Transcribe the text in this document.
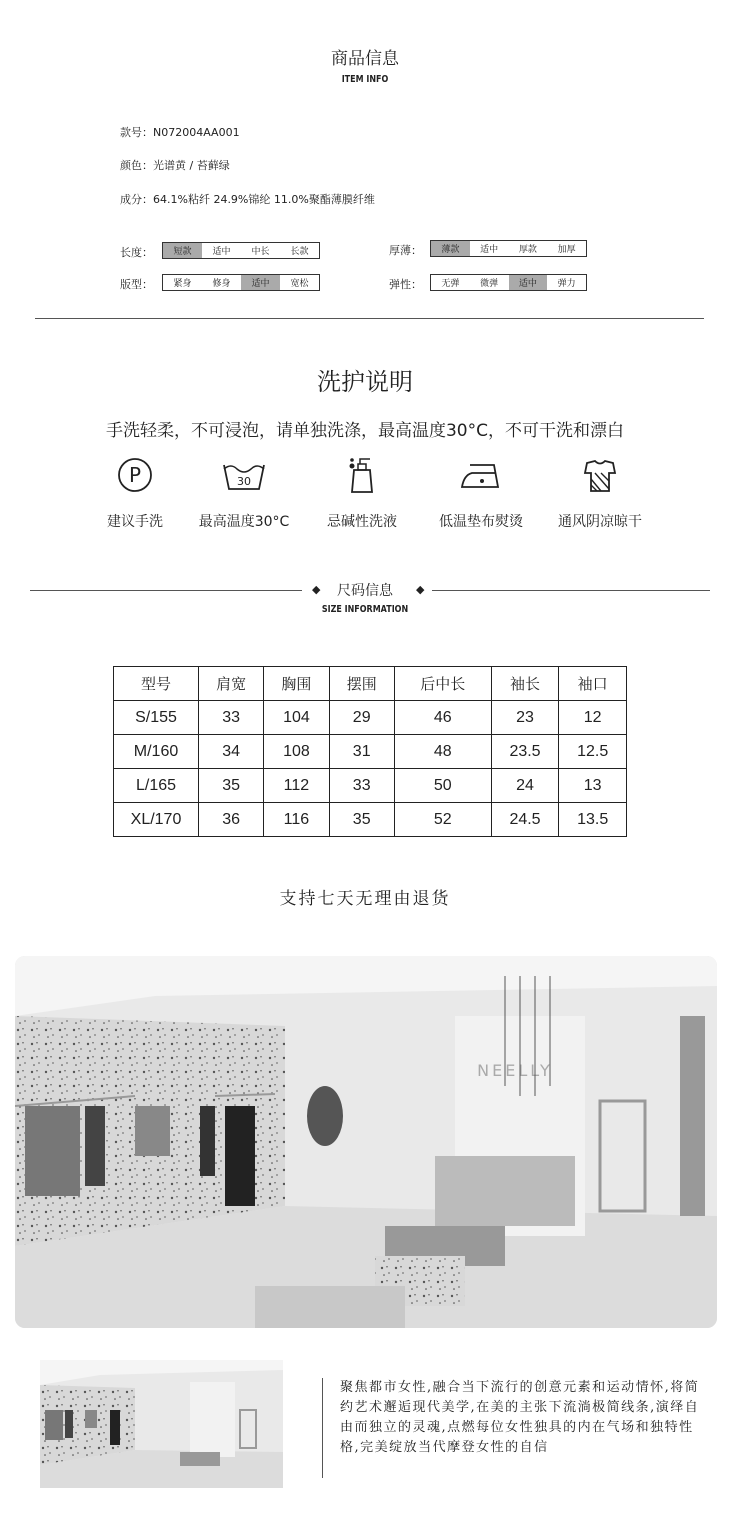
商品信息
ITEM INFO
款号：N072004AA001
颜色：光谱黄 / 苔藓绿
成分：64.1%粘纤 24.9%锦纶 11.0%聚酯薄膜纤维
长度：	短款	适中	中长	长款
版型：	紧身	修身	适中	宽松
厚薄：	薄款	适中	厚款	加厚
弹性：	无弹	微弹	适中	弹力
洗护说明
手洗轻柔，不可浸泡，请单独洗涤，最高温度30°C，不可干洗和漂白
P	30
建议手洗	最高温度30°C	忌碱性洗液	低温垫布熨烫	通风阴凉晾干
◆	◆
尺码信息
SIZE INFORMATION
型号	肩宽	胸围	摆围	后中长	袖长	袖口
S/155	33	104	29	46	23	12
M/160	34	108	31	48	23.5	12.5
L/165	35	112	33	50	24	13
XL/170	36	116	35	52	24.5	13.5
支持七天无理由退货
NEELLY
聚焦都市女性,融合当下流行的创意元素和运动情怀,将简约艺术邂逅现代美学,在美的主张下流淌极简线条,演绎自由而独立的灵魂,点燃每位女性独具的内在气场和独特性格,完美绽放当代摩登女性的自信
